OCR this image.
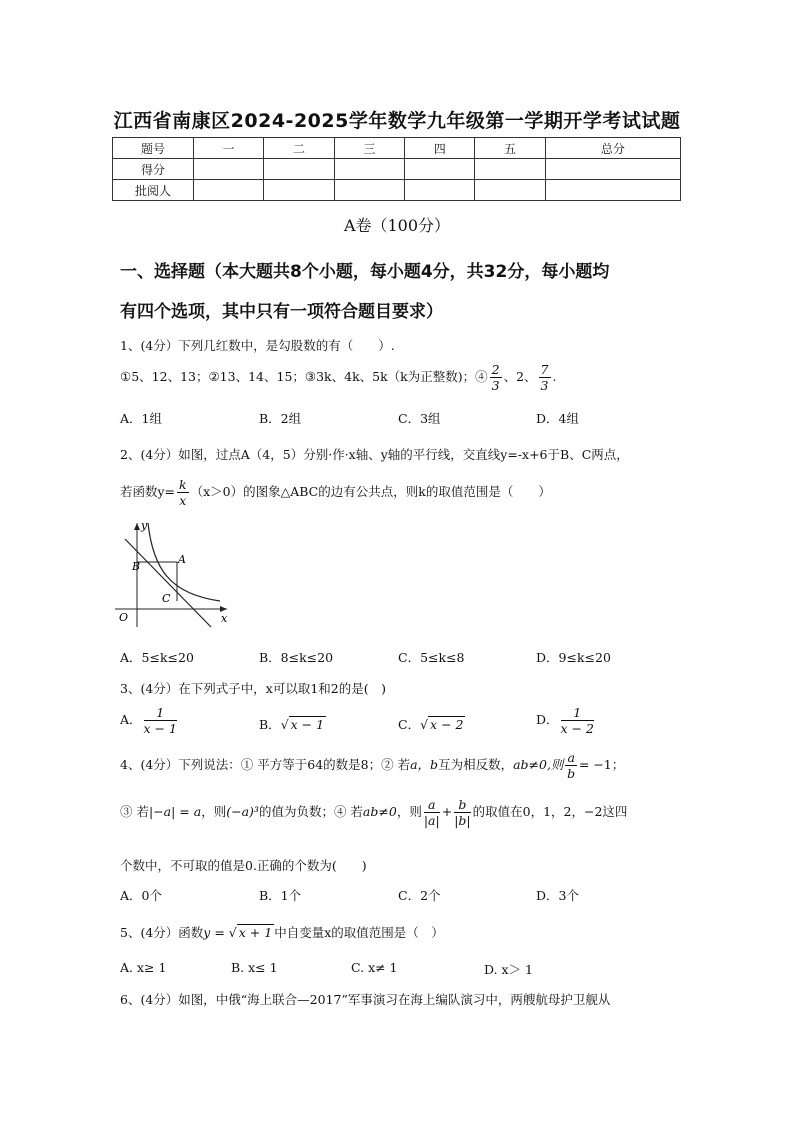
江西省南康区2024-2025学年数学九年级第一学期开学考试试题
题号	一	二	三	四	五	总分
得分						
批阅人						
A卷（100分）
一、选择题（本大题共8个小题，每小题4分，共32分，每小题均
有四个选项，其中只有一项符合题目要求）
1、(4分）下列几红数中，是勾股数的有（　　）.
①5、12、13；②13、14、15；③3k、4k、5k（k为正整数)；④ $\frac{2}{3}$ 、2、 $\frac{7}{3}$ .
A．1组	B．2组	C．3组	D．4组
2、(4分）如图，过点A（4，5）分别·作·x轴、y轴的平行线，交直线y=-x+6于B、C两点，
若函数$y= \frac{k}{x} (x>0)$的图象△ABC的边有公共点，则k的取值范围是（　　）
y
x
O
A
B
C
A．5≤k≤20	B．8≤k≤20	C．5≤k≤8	D．9≤k≤20
3、(4分）在下列式子中，x可以取1和2的是(　)
A． $\frac{1}{x - 1}$	B．√ x − 1	C．√ x − 2	D． $\frac{1}{x - 2}$
4、(4分）下列说法：① 平方等于64的数是8；② 若a，b互为相反数，ab≠0,则 $\frac{a}{b} = -1$；
③ 若|−a| = a，则(−a)³的值为负数；④ 若ab≠0，则 $\frac{a}{|a|} + \frac{b}{|b|}$ 的取值在0，1，2，−2这四
个数中，不可取的值是0.正确的个数为(　　)
A．0个	B．1个	C．2个	D．3个
5、(4分）函数y = √ x + 1 中自变量x的取值范围是（　）
A. x≥ 1	B. x≤ 1	C. x≠ 1	D. x＞ 1
6、(4分）如图，中俄“海上联合—2017”军事演习在海上编队演习中，两艘航母护卫舰从
